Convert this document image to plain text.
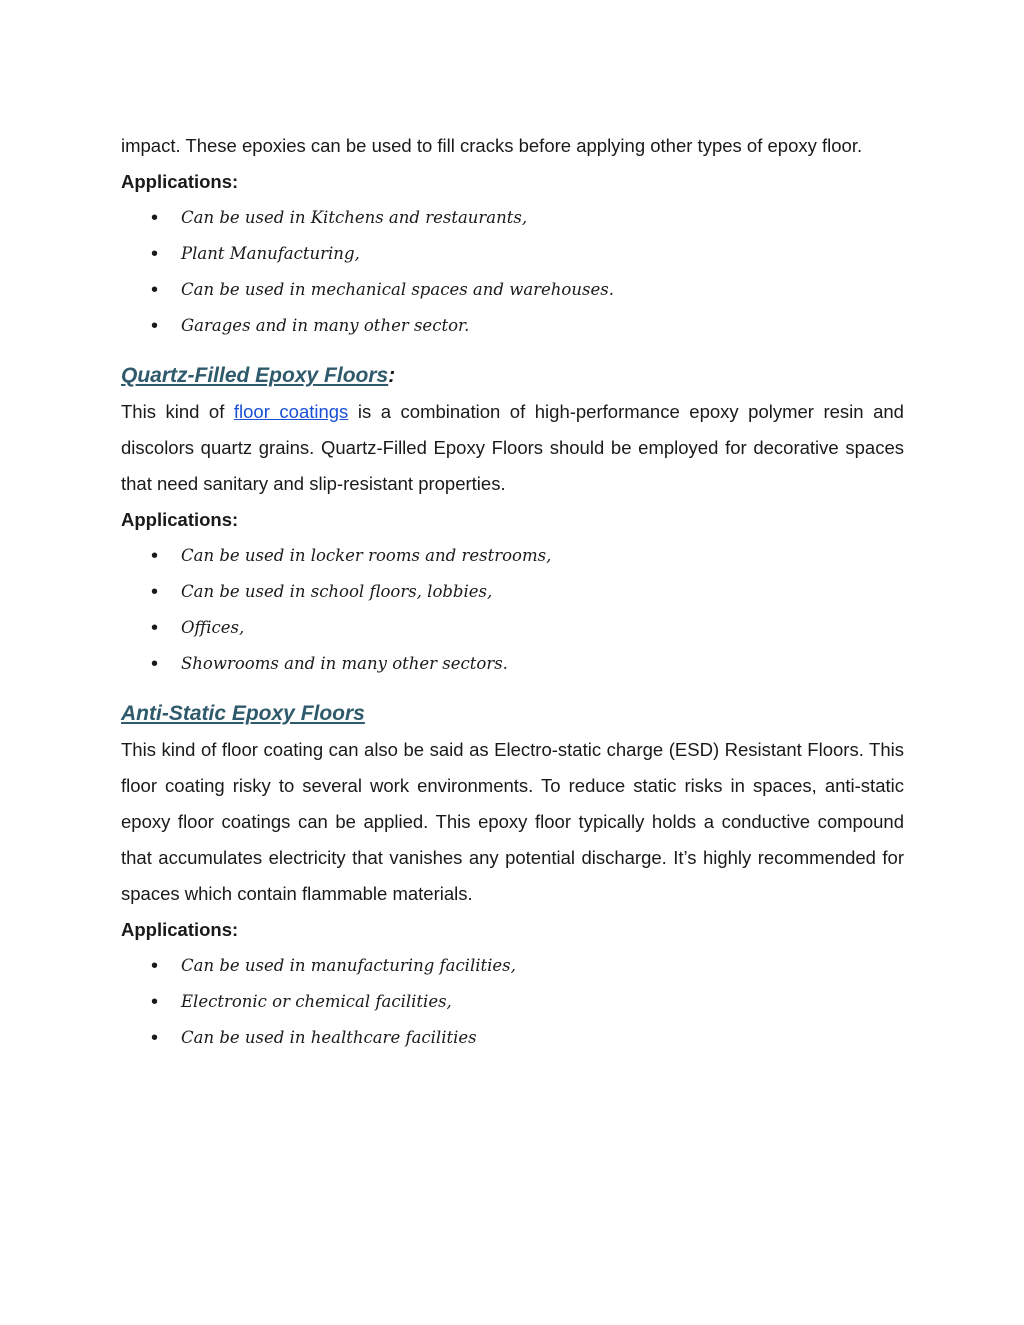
impact. These epoxies can be used to fill cracks before applying other types of epoxy floor.

Applications:
• Can be used in Kitchens and restaurants,
• Plant Manufacturing,
• Can be used in mechanical spaces and warehouses.
• Garages and in many other sector.
Quartz-Filled Epoxy Floors:

This kind of floor coatings is a combination of high-performance epoxy polymer resin and discolors quartz grains. Quartz-Filled Epoxy Floors should be employed for decorative spaces that need sanitary and slip-resistant properties.

Applications:
• Can be used in locker rooms and restrooms,
• Can be used in school floors, lobbies,
• Offices,
• Showrooms and in many other sectors.
Anti-Static Epoxy Floors

This kind of floor coating can also be said as Electro-static charge (ESD) Resistant Floors. This floor coating risky to several work environments. To reduce static risks in spaces, anti-static epoxy floor coatings can be applied. This epoxy floor typically holds a conductive compound that accumulates electricity that vanishes any potential discharge. It’s highly recommended for spaces which contain flammable materials.

Applications:
• Can be used in manufacturing facilities,
• Electronic or chemical facilities,
• Can be used in healthcare facilities
